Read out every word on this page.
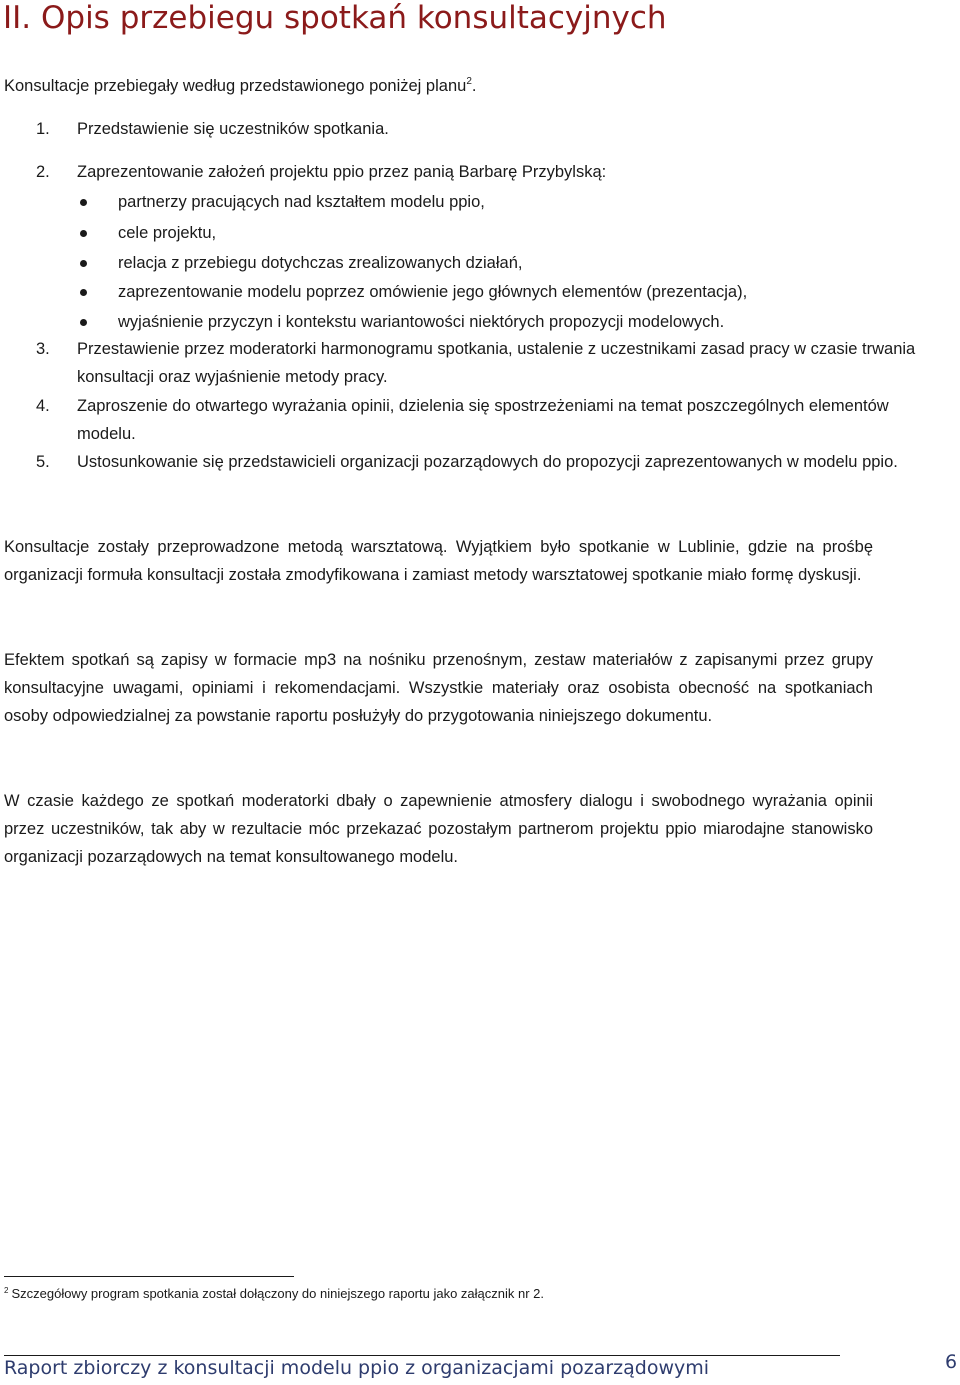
II. Opis przebiegu spotkań konsultacyjnych
Konsultacje przebiegały według przedstawionego poniżej planu$^2$.
1. Przedstawienie się uczestników spotkania.
2. Zaprezentowanie założeń projektu ppio przez panią Barbarę Przybylską:
partnerzy pracujących nad kształtem modelu ppio,
cele projektu,
relacja z przebiegu dotychczas zrealizowanych działań,
zaprezentowanie modelu poprzez omówienie jego głównych elementów (prezentacja),
wyjaśnienie przyczyn i kontekstu wariantowości niektórych propozycji modelowych.
3. Przestawienie przez moderatorki harmonogramu spotkania, ustalenie z uczestnikami zasad pracy w czasie trwania konsultacji oraz wyjaśnienie metody pracy.
4. Zaproszenie do otwartego wyrażania opinii, dzielenia się spostrzeżeniami na temat poszczególnych elementów modelu.
5. Ustosunkowanie się przedstawicieli organizacji pozarządowych do propozycji zaprezentowanych w modelu ppio.

Konsultacje zostały przeprowadzone metodą warsztatową. Wyjątkiem było spotkanie w Lublinie, gdzie na prośbę organizacji formuła konsultacji została zmodyfikowana i zamiast metody warsztatowej spotkanie miało formę dyskusji.

Efektem spotkań są zapisy w formacie mp3 na nośniku przenośnym, zestaw materiałów z zapisanymi przez grupy konsultacyjne uwagami, opiniami i rekomendacjami. Wszystkie materiały oraz osobista obecność na spotkaniach osoby odpowiedzialnej za powstanie raportu posłużyły do przygotowania niniejszego dokumentu.

W czasie każdego ze spotkań moderatorki dbały o zapewnienie atmosfery dialogu i swobodnego wyrażania opinii przez uczestników, tak aby w rezultacie móc przekazać pozostałym partnerom projektu ppio miarodajne stanowisko organizacji pozarządowych na temat konsultowanego modelu.

$^2$ Szczegółowy program spotkania został dołączony do niniejszego raportu jako załącznik nr 2.
Raport zbiorczy z konsultacji modelu ppio z organizacjami pozarządowymi	6
